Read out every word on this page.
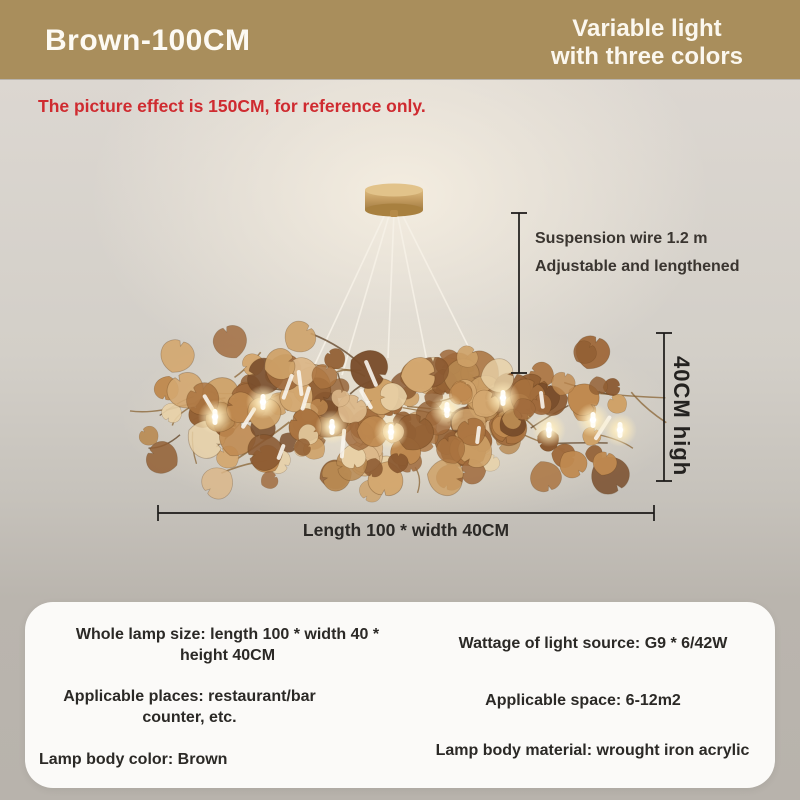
Brown-100CM	Variable light
with three colors
The picture effect is 150CM, for reference only.
Suspension wire 1.2 m
Adjustable and lengthened
40CM high
Length 100 * width 40CM
Whole lamp size: length 100 * width 40 * height 40CM
Applicable places: restaurant/bar counter, etc.
Lamp body color: Brown
Wattage of light source: G9 * 6/42W
Applicable space: 6-12m2
Lamp body material: wrought iron acrylic
